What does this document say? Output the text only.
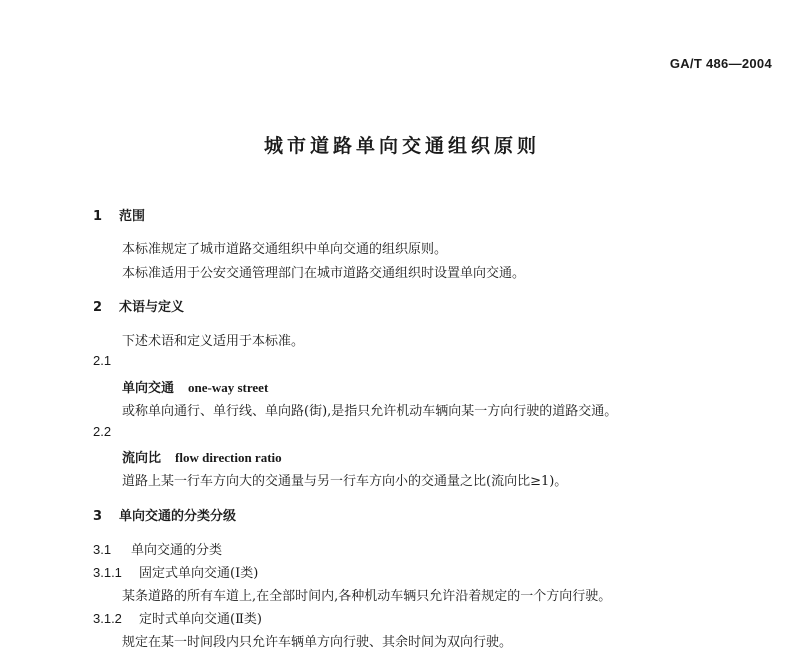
GA/T 486—2004
城市道路单向交通组织原则
1 范围
本标准规定了城市道路交通组织中单向交通的组织原则。
本标准适用于公安交通管理部门在城市道路交通组织时设置单向交通。
2 术语与定义
下述术语和定义适用于本标准。
2.1
单向交通 one-way street
或称单向通行、单行线、单向路(街),是指只允许机动车辆向某一方向行驶的道路交通。
2.2
流向比 flow direction ratio
道路上某一行车方向大的交通量与另一行车方向小的交通量之比(流向比≥1)。
3 单向交通的分类分级
3.1 单向交通的分类
3.1.1 固定式单向交通(Ⅰ类)
某条道路的所有车道上,在全部时间内,各种机动车辆只允许沿着规定的一个方向行驶。
3.1.2 定时式单向交通(Ⅱ类)
规定在某一时间段内只允许车辆单方向行驶、其余时间为双向行驶。
